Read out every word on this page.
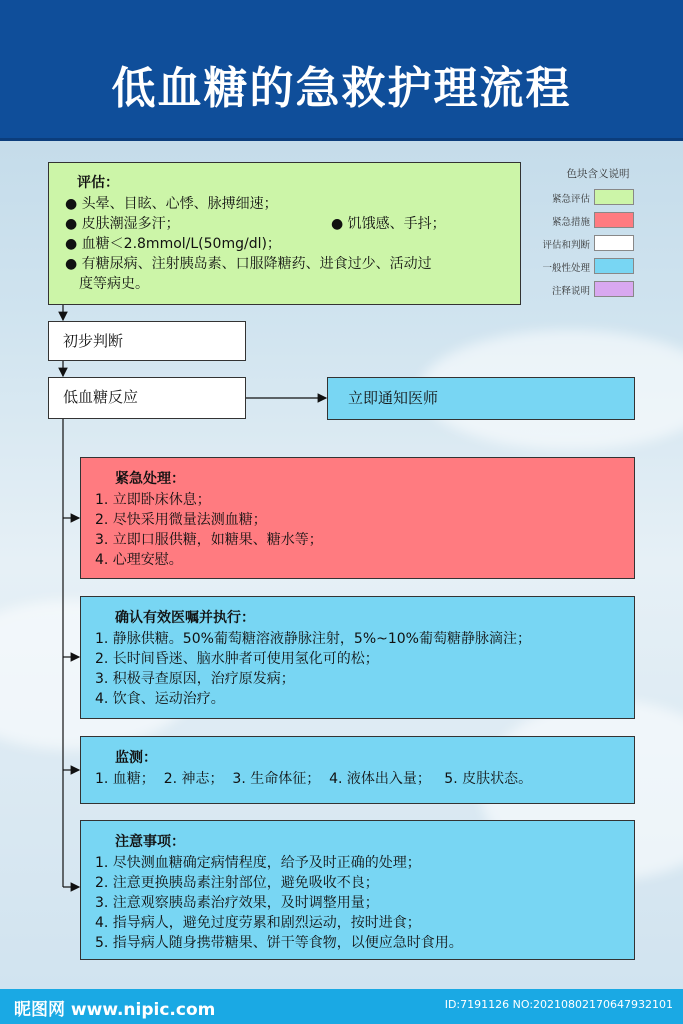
低血糖的急救护理流程
评估：
● 头晕、目眩、心悸、脉搏细速；
● 皮肤潮湿多汗；	● 饥饿感、手抖；
● 血糖＜2.8mmol/L(50mg/dl)；
● 有糖尿病、注射胰岛素、口服降糖药、进食过少、活动过
度等病史。
色块含义说明
紧急评估
紧急措施
评估和判断
一般性处理
注释说明
初步判断
低血糖反应	立即通知医师
紧急处理：
1. 立即卧床休息；
2. 尽快采用微量法测血糖；
3. 立即口服供糖，如糖果、糖水等；
4. 心理安慰。
确认有效医嘱并执行：
1. 静脉供糖。50%葡萄糖溶液静脉注射，5%~10%葡萄糖静脉滴注；
2. 长时间昏迷、脑水肿者可使用氢化可的松；
3. 积极寻查原因，治疗原发病；
4. 饮食、运动治疗。
监测：
1. 血糖；  2. 神志；  3. 生命体征；  4. 液体出入量；   5. 皮肤状态。
注意事项：
1. 尽快测血糖确定病情程度，给予及时正确的处理；
2. 注意更换胰岛素注射部位，避免吸收不良；
3. 注意观察胰岛素治疗效果，及时调整用量；
4. 指导病人，避免过度劳累和剧烈运动，按时进食；
5. 指导病人随身携带糖果、饼干等食物，以便应急时食用。
昵图网 www.nipic.com	ID:7191126 NO:20210802170647932101
